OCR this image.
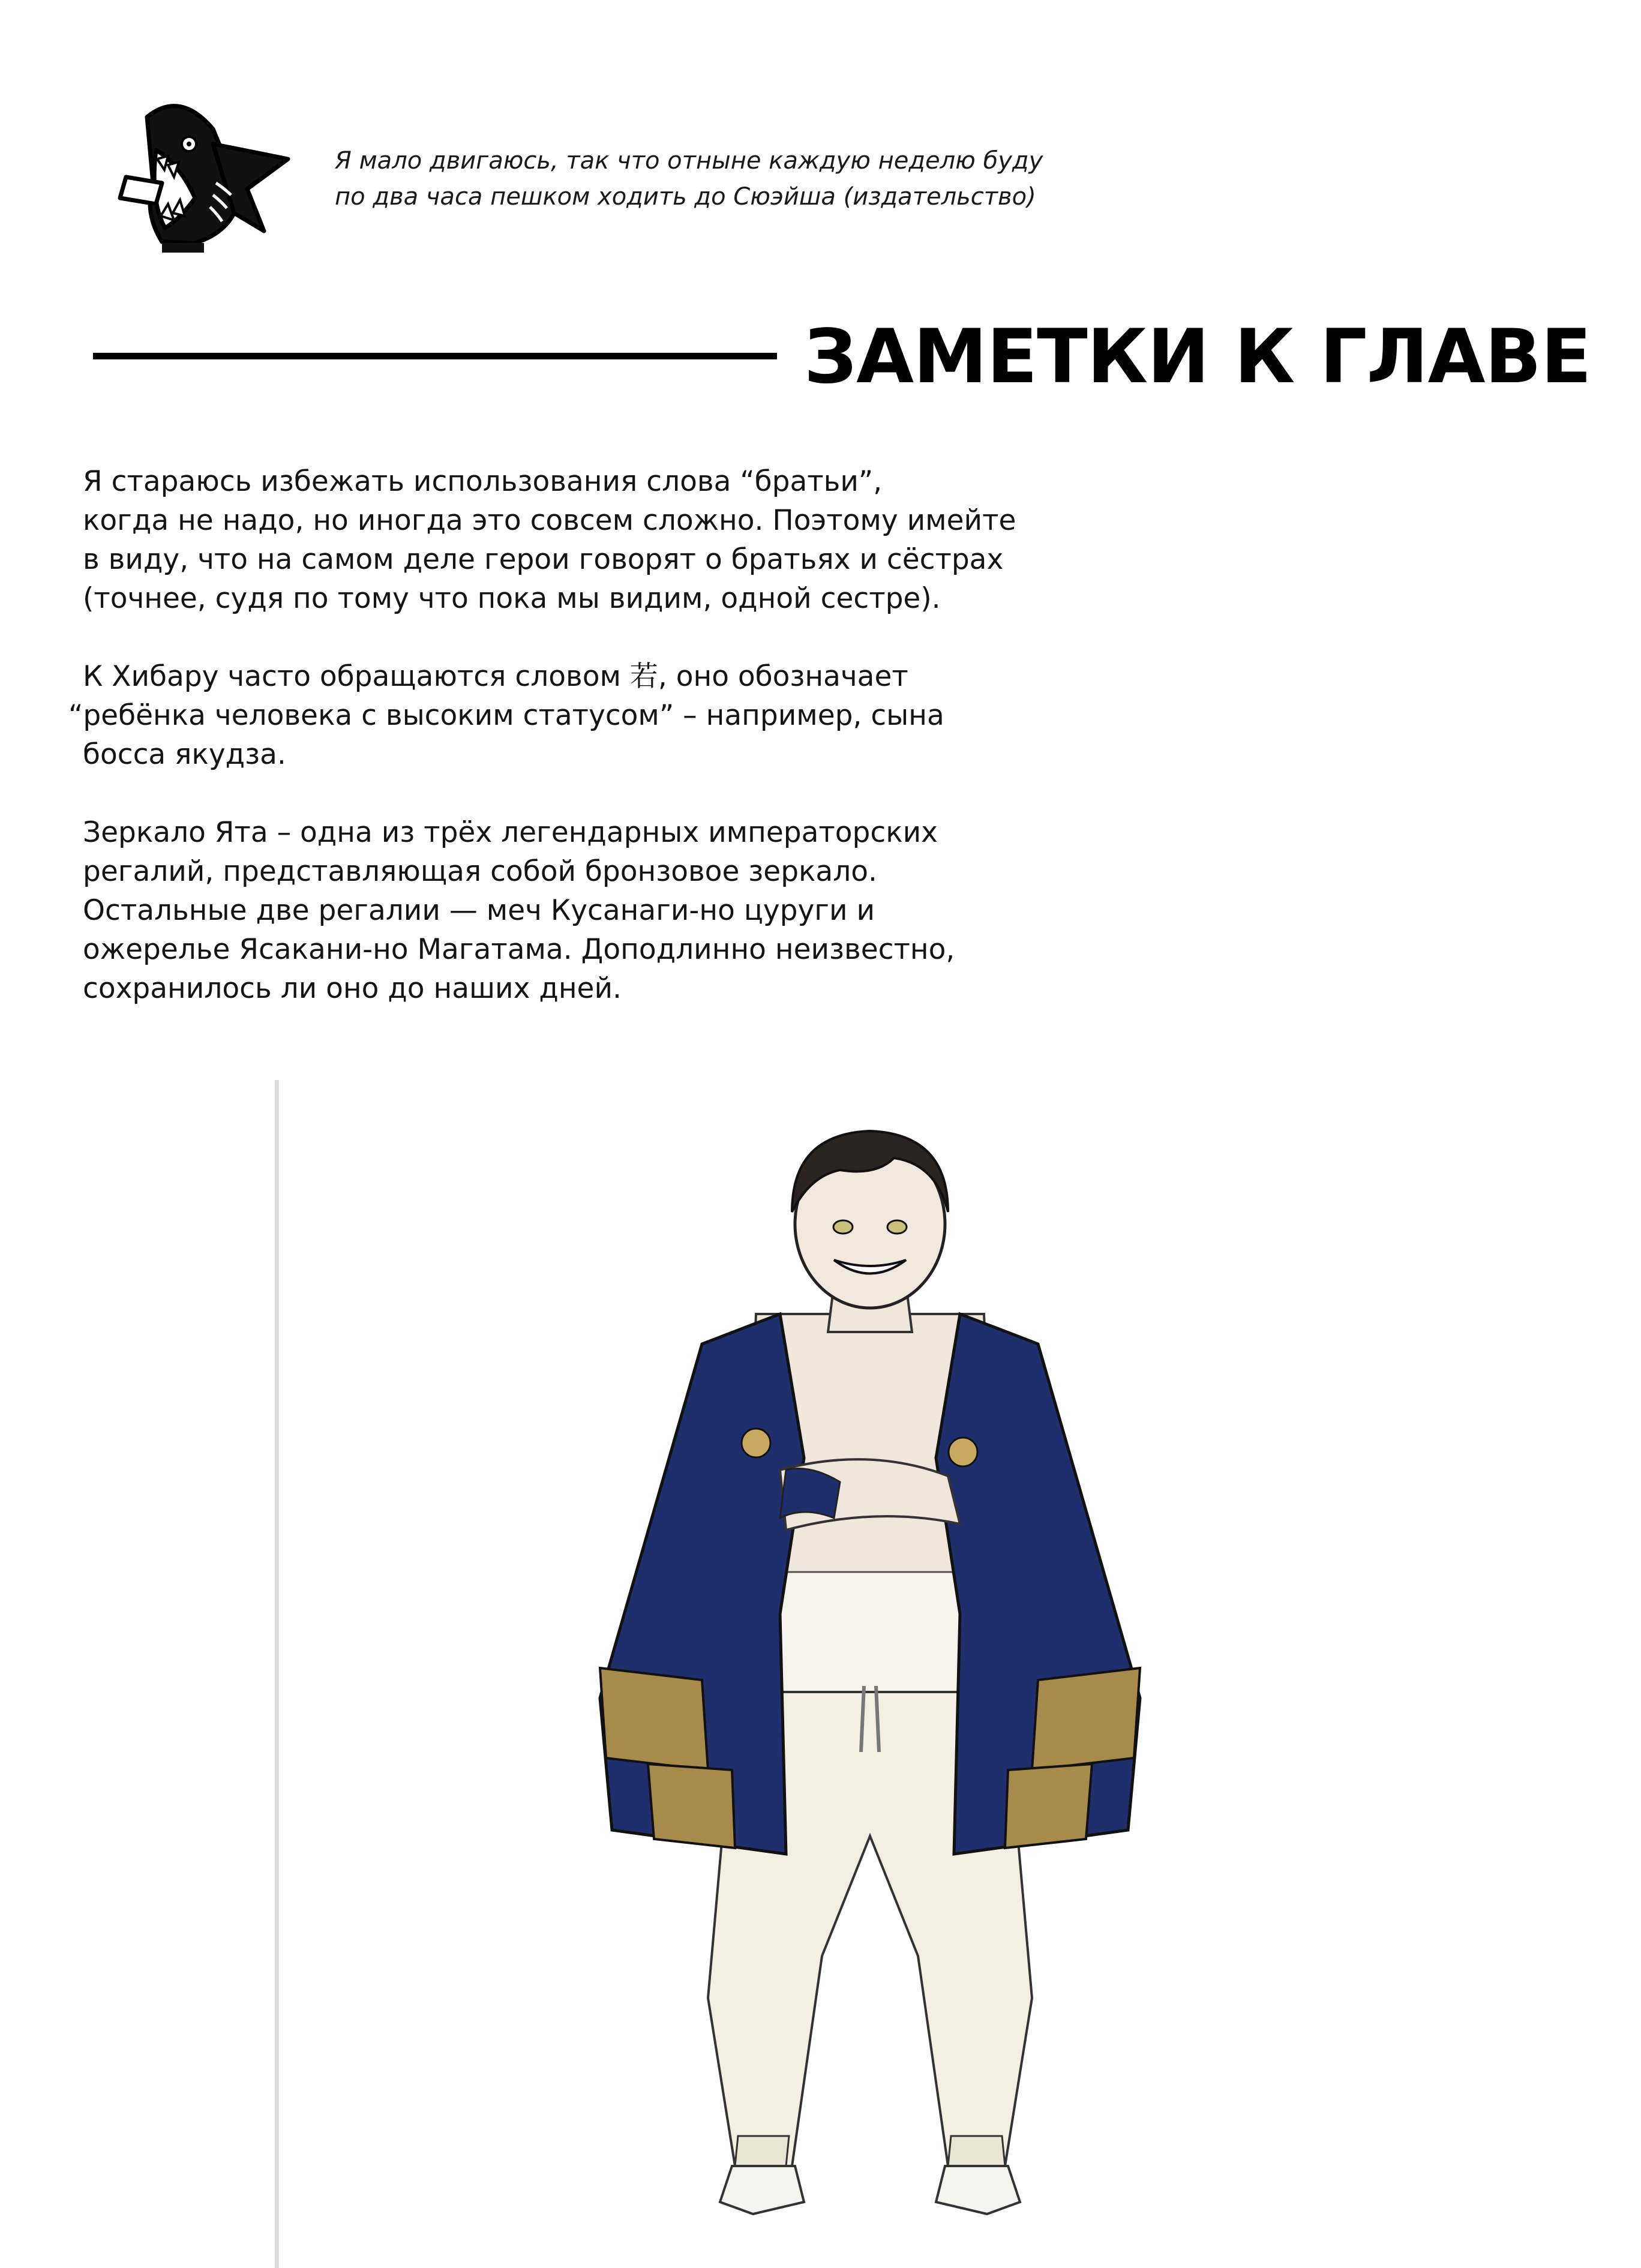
Я мало двигаюсь, так что отныне каждую неделю буду
по два часа пешком ходить до Сюэйша (издательство)
ЗАМЕТКИ К ГЛАВЕ
Я стараюсь избежать использования слова “братьи”,
когда не надо, но иногда это совсем сложно. Поэтому имейте
в виду, что на самом деле герои говорят о братьях и сёстрах
(точнее, судя по тому что пока мы видим, одной сестре).
К Хибару часто обращаются словом 若, оно обозначает
“ребёнка человека с высоким статусом” – например, сына
босса якудза.
Зеркало Ята – одна из трёх легендарных императорских
регалий, представляющая собой бронзовое зеркало.
Остальные две регалии — меч Кусанаги-но цуруги и
ожерелье Ясакани-но Магатама. Доподлинно неизвестно,
сохранилось ли оно до наших дней.
